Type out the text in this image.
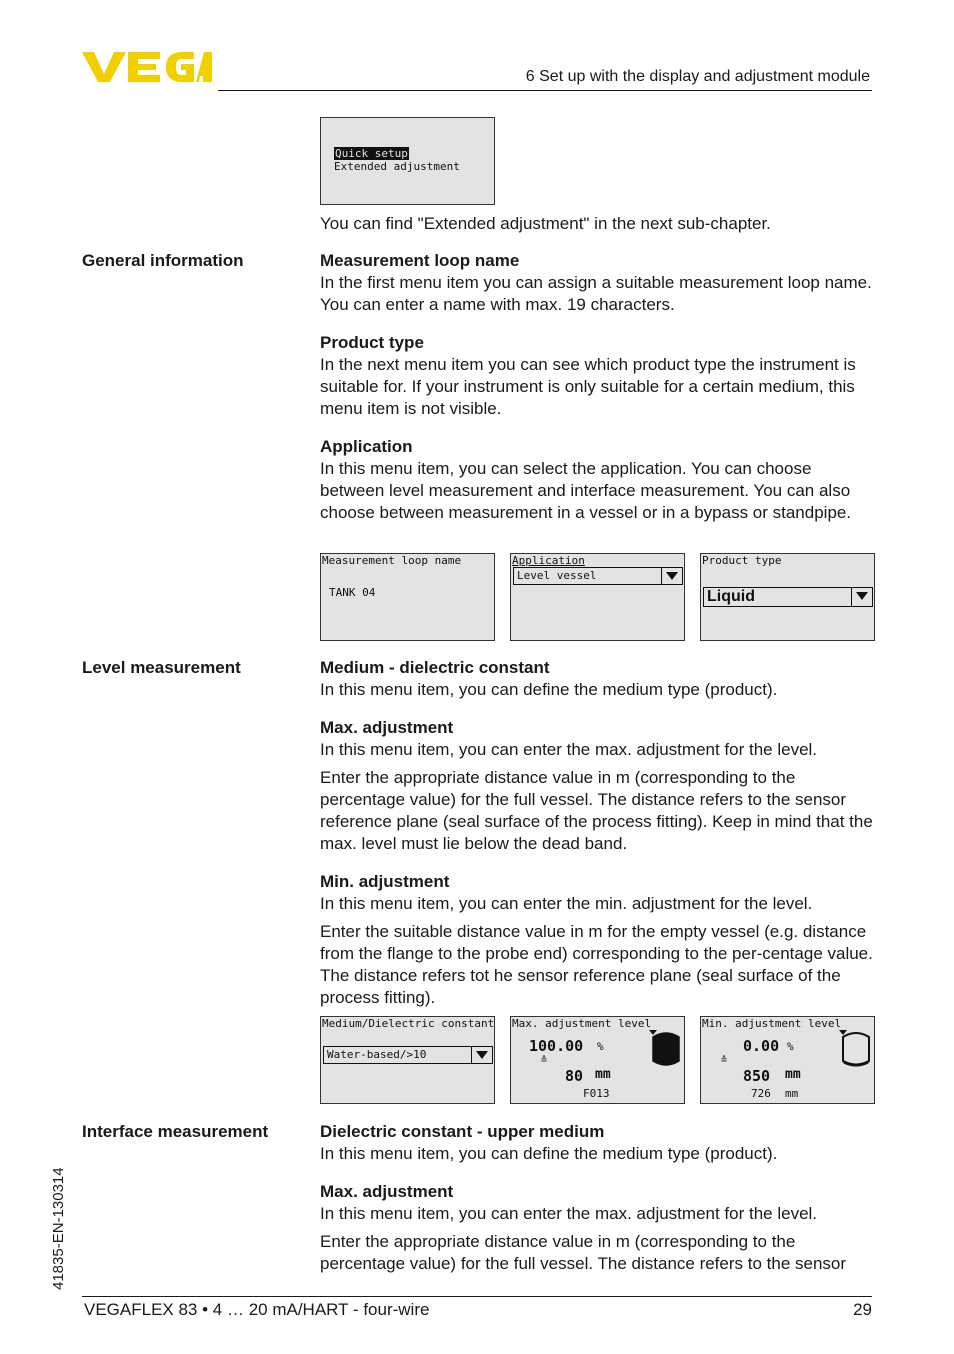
6 Set up with the display and adjustment module
Quick setup
Extended adjustment
You can find "Extended adjustment" in the next sub-chapter.
General information	Measurement loop name
In the first menu item you can assign a suitable measurement loop name. You can enter a name with max. 19 characters.
Product type
In the next menu item you can see which product type the instrument is suitable for. If your instrument is only suitable for a certain medium, this menu item is not visible.
Application
In this menu item, you can select the application. You can choose between level measurement and interface measurement. You can also choose between measurement in a vessel or in a bypass or standpipe.
Measurement loop name
TANK 04
Application
Level vessel
Product type
Liquid
Level measurement	Medium - dielectric constant
In this menu item, you can define the medium type (product).
Max. adjustment
In this menu item, you can enter the max. adjustment for the level.
Enter the appropriate distance value in m (corresponding to the percentage value) for the full vessel. The distance refers to the sensor reference plane (seal surface of the process fitting). Keep in mind that the max. level must lie below the dead band.
Min. adjustment
In this menu item, you can enter the min. adjustment for the level.
Enter the suitable distance value in m for the empty vessel (e.g. distance from the flange to the probe end) corresponding to the per-centage value. The distance refers tot he sensor reference plane (seal surface of the process fitting).
Medium/Dielectric constant
Water-based/>10
Max. adjustment level
100.00 %
≙
80 mm
F013
Min. adjustment level
0.00 %
≙
850 mm
726 mm
Interface measurement	Dielectric constant - upper medium
In this menu item, you can define the medium type (product).
Max. adjustment
In this menu item, you can enter the max. adjustment for the level.
Enter the appropriate distance value in m (corresponding to the percentage value) for the full vessel. The distance refers to the sensor
41835-EN-130314
VEGAFLEX 83 • 4 … 20 mA/HART - four-wire	29
